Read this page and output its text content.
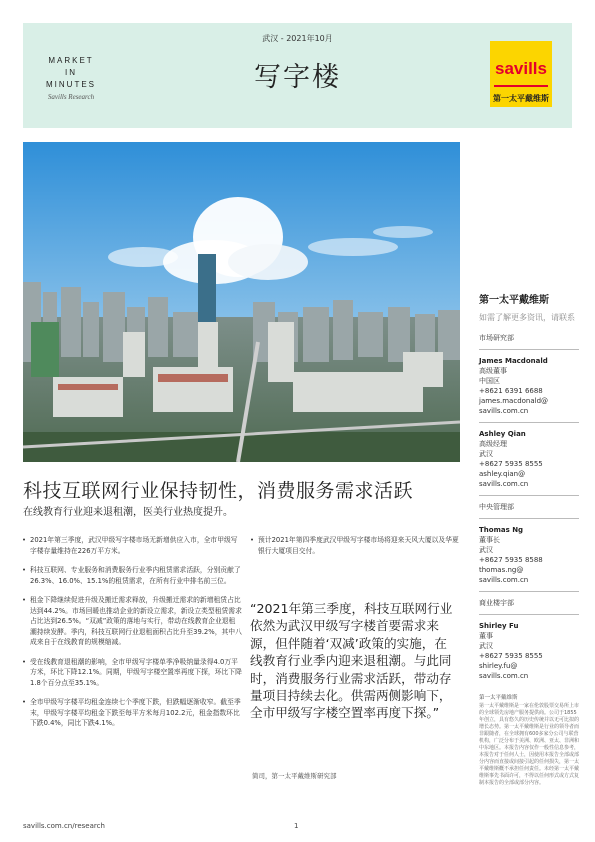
MARKET
IN
MINUTES
Savills Research
武汉 - 2021年10月
写字楼	savills
第一太平戴维斯
第一太平戴维斯
如需了解更多资讯，请联系
市场研究部
James Macdonald
高级董事
中国区
+8621 6391 6688
james.macdonald@
savills.com.cn
Ashley Qian
高级经理
武汉
+8627 5935 8555
ashley.qian@
savills.com.cn
中央管理部
Thomas Ng
董事长
武汉
+8627 5935 8588
thomas.ng@
savills.com.cn
商业楼宇部
Shirley Fu
董事
武汉
+8627 5935 8555
shirley.fu@
savills.com.cn
第一太平戴维斯
第一太平戴维斯是一家在伦敦股票交易所上市的全球领先房地产服务提供商。公司于1855年创立，具有悠久的历史传统并以无可比拟的增长态势。第一太平戴维斯是行业的领导者而非跟随者，在全球拥有600多家分公司与联营机构，广泛分布于美洲、欧洲、亚太、非洲和中东地区。本报告内容仅作一般性信息参考，本报告对于任何人士，因使用本报告全部或部分内容而直接或间接引起的任何损失，第一太平戴维斯概不承担任何责任。未经第一太平戴维斯事先书面许可，不得以任何形式或方式复制本报告的全部或部分内容。
科技互联网行业保持韧性，消费服务需求活跃
在线教育行业迎来退租潮，医美行业热度提升。
• 2021年第三季度，武汉甲级写字楼市场无新增供应入市，全市甲级写字楼存量维持在226万平方米。
• 科技互联网、专业服务和消费服务行业季内租赁需求活跃，分别贡献了26.3%、16.0%、15.1%的租赁需求，在所有行业中排名前三位。
• 租金下降继续促进升级及搬迁需求释放，升级搬迁需求的新增租赁占比达到44.2%。市场回暖也推动企业的新设立需求，新设立类型租赁需求占比达到26.5%。“双减”政策的落地与实行，带动在线教育企业退租潮持续发酵。季内，科技互联网行业退租面积占比升至39.2%，其中八成来自于在线教育的规模缩减。
• 受在线教育退租潮的影响，全市甲级写字楼单季净吸纳量录得4.0万平方米，环比下降12.1%。同期，甲级写字楼空置率再度下探，环比下降1.8个百分点至35.1%。
• 全市甲级写字楼平均租金连续七个季度下跌，但跌幅逐渐收窄。截至季末，甲级写字楼平均租金下跌至每平方米每月102.2元，租金指数环比下跌0.4%，同比下跌4.1%。
• 预计2021年第四季度武汉甲级写字楼市场将迎来天风大厦以及华夏银行大厦项目交付。
“2021年第三季度，科技互联网行业依然为武汉甲级写字楼首要需求来源，但伴随着‘双减’政策的实施，在线教育行业季内迎来退租潮。与此同时，消费服务行业需求活跃，带动存量项目持续去化。供需两侧影响下，全市甲级写字楼空置率再度下探。”
简司，第一太平戴维斯研究部
savills.com.cn/research	1
